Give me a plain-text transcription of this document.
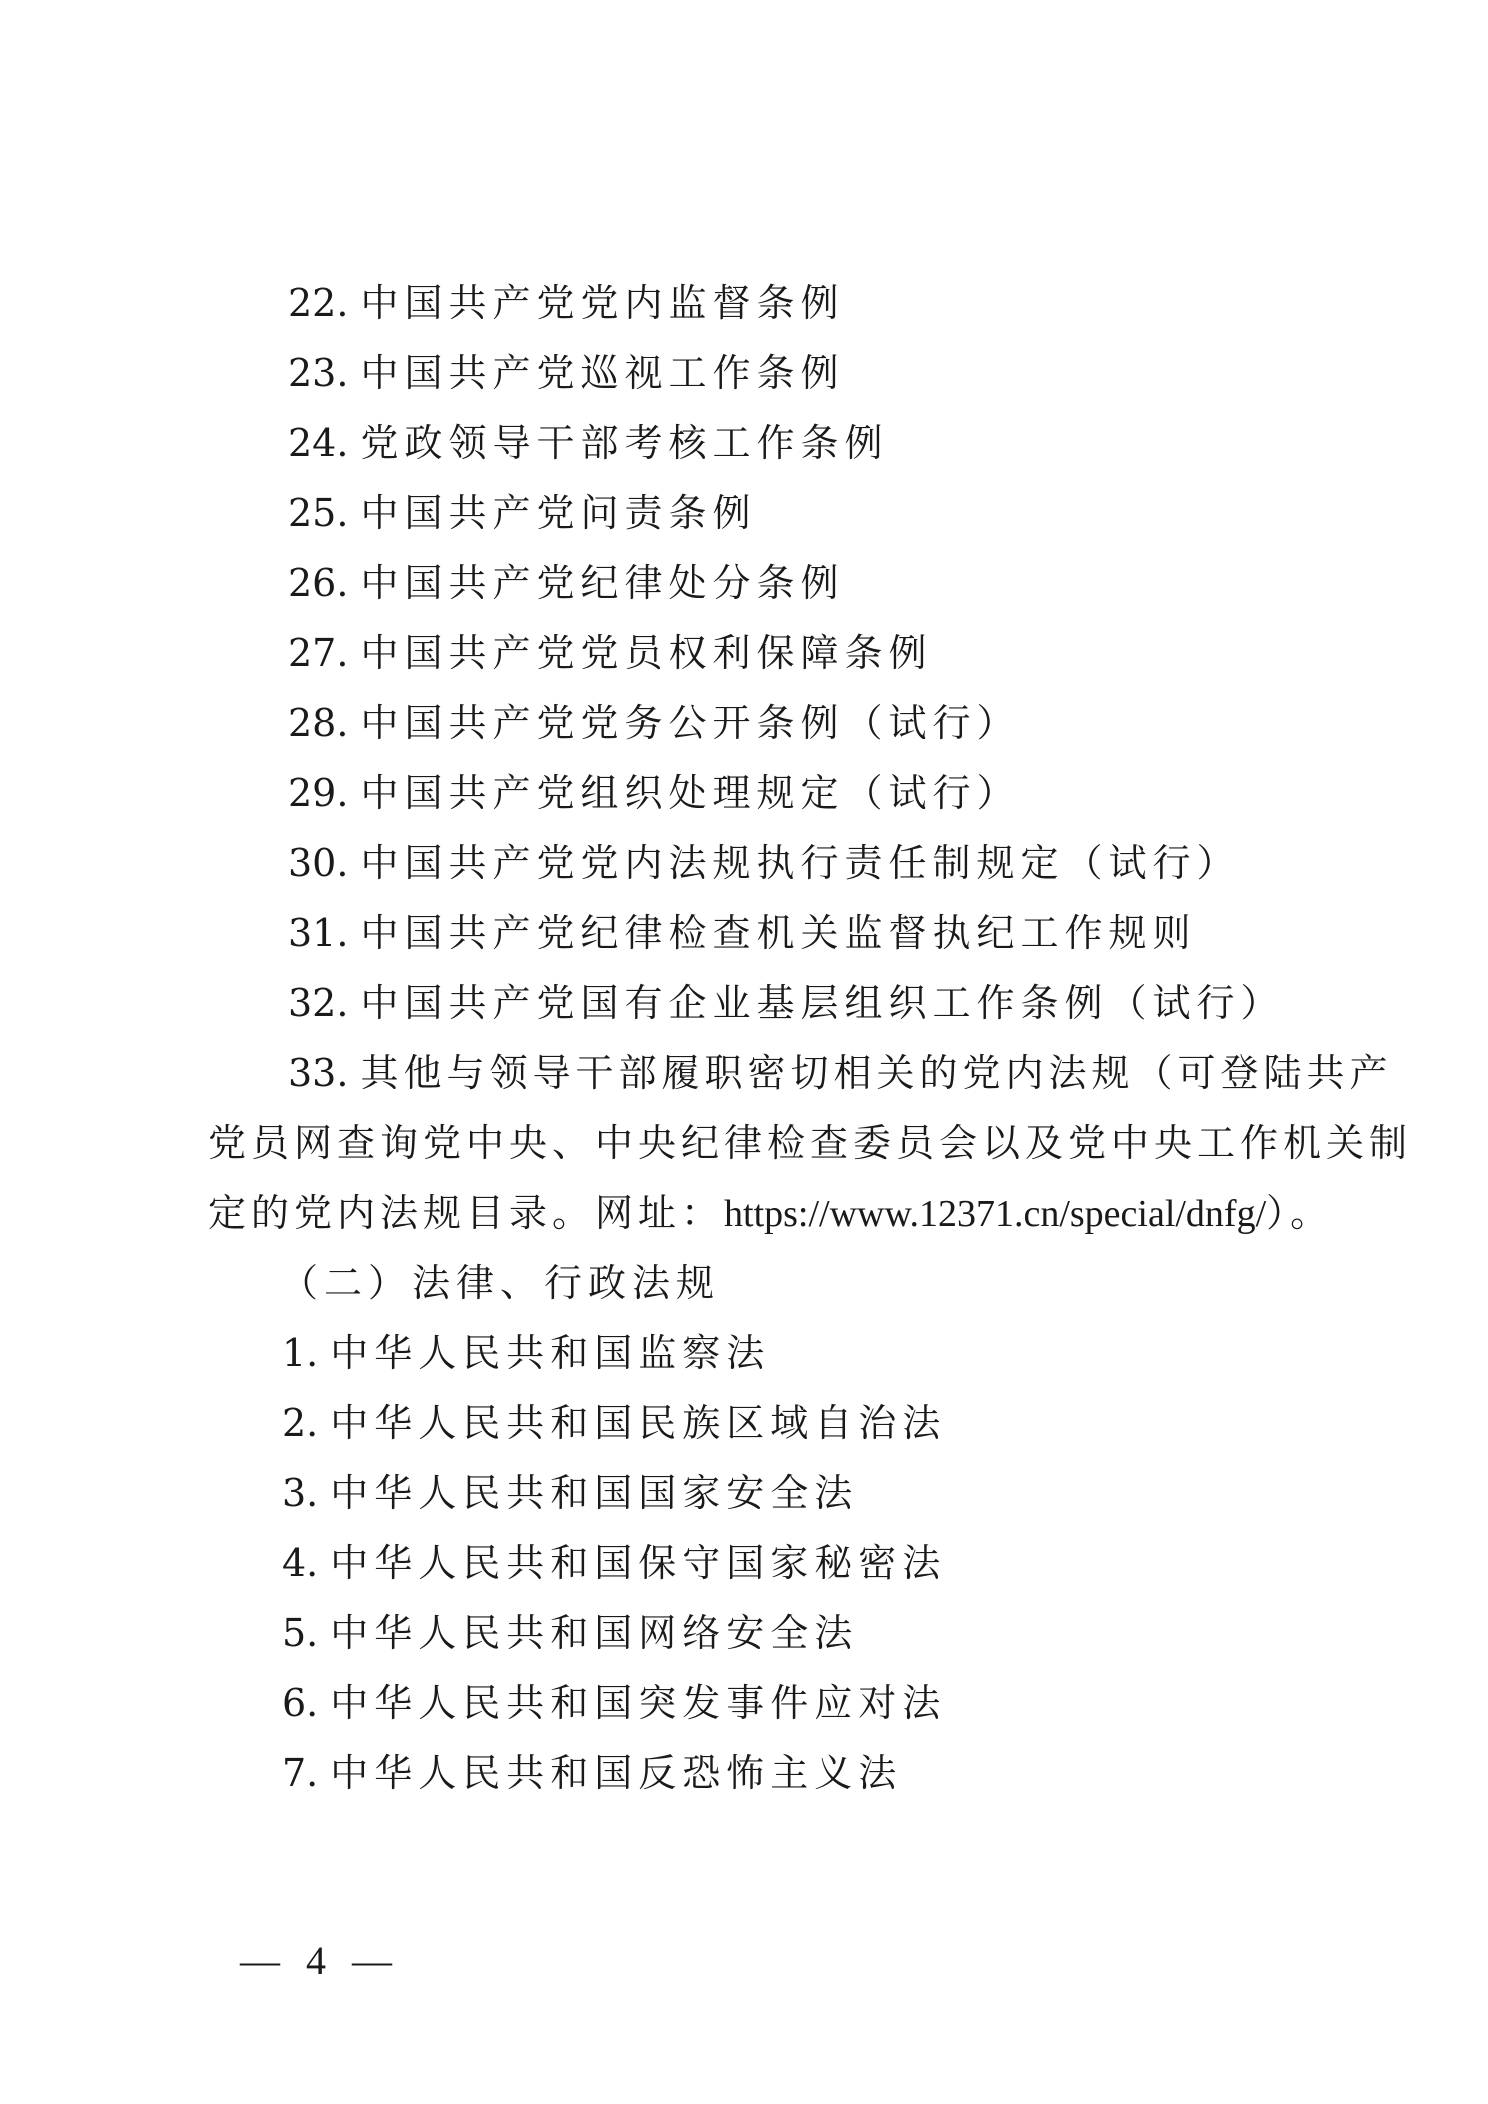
22. 中国共产党党内监督条例
23. 中国共产党巡视工作条例
24. 党政领导干部考核工作条例
25. 中国共产党问责条例
26. 中国共产党纪律处分条例
27. 中国共产党党员权利保障条例
28. 中国共产党党务公开条例（试行）
29. 中国共产党组织处理规定（试行）
30. 中国共产党党内法规执行责任制规定（试行）
31. 中国共产党纪律检查机关监督执纪工作规则
32. 中国共产党国有企业基层组织工作条例（试行）
33. 其他与领导干部履职密切相关的党内法规（可登陆共产
党员网查询党中央、中央纪律检查委员会以及党中央工作机关制
定的党内法规目录。网址：https://www.12371.cn/special/dnfg/）。
（二）法律、行政法规
1. 中华人民共和国监察法
2. 中华人民共和国民族区域自治法
3. 中华人民共和国国家安全法
4. 中华人民共和国保守国家秘密法
5. 中华人民共和国网络安全法
6. 中华人民共和国突发事件应对法
7. 中华人民共和国反恐怖主义法
— 4 —
